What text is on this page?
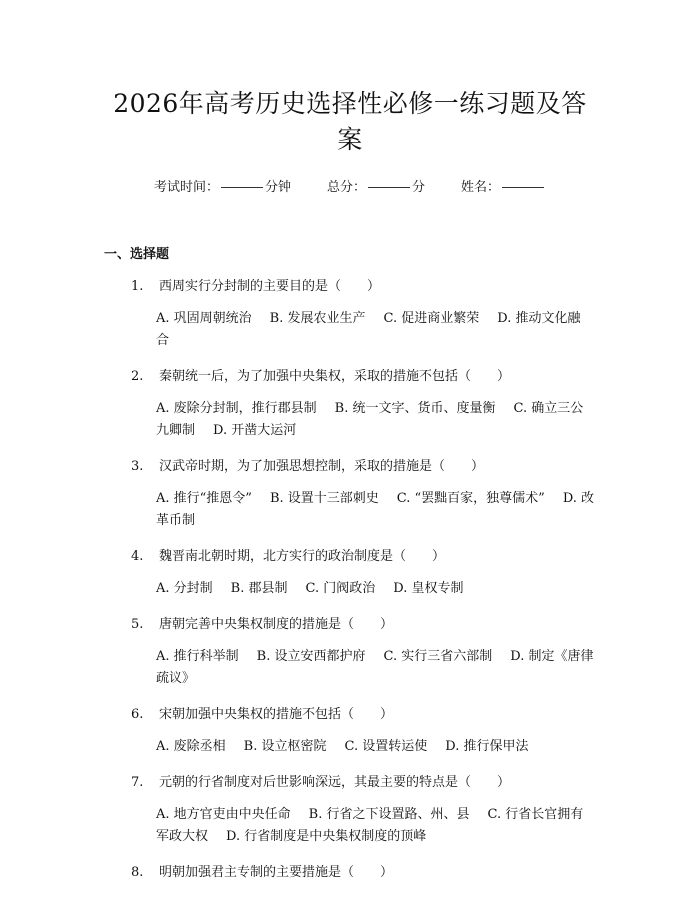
2026年高考历史选择性必修一练习题及答案
考试时间：	分钟	总分：	分	姓名：
一、选择题
1.	西周实行分封制的主要目的是（　　）
A. 巩固周朝统治 B. 发展农业生产 C. 促进商业繁荣 D. 推动文化融合
2.	秦朝统一后，为了加强中央集权，采取的措施不包括（　　）
A. 废除分封制，推行郡县制 B. 统一文字、货币、度量衡 C. 确立三公九卿制 D. 开凿大运河
3.	汉武帝时期，为了加强思想控制，采取的措施是（　　）
A. 推行“推恩令” B. 设置十三部刺史 C. “罢黜百家，独尊儒术” D. 改革币制
4.	魏晋南北朝时期，北方实行的政治制度是（　　）
A. 分封制 B. 郡县制 C. 门阀政治 D. 皇权专制
5.	唐朝完善中央集权制度的措施是（　　）
A. 推行科举制 B. 设立安西都护府 C. 实行三省六部制 D. 制定《唐律疏议》
6.	宋朝加强中央集权的措施不包括（　　）
A. 废除丞相 B. 设立枢密院 C. 设置转运使 D. 推行保甲法
7.	元朝的行省制度对后世影响深远，其最主要的特点是（　　）
A. 地方官吏由中央任命 B. 行省之下设置路、州、县 C. 行省长官拥有军政大权 D. 行省制度是中央集权制度的顶峰
8.	明朝加强君主专制的主要措施是（　　）
